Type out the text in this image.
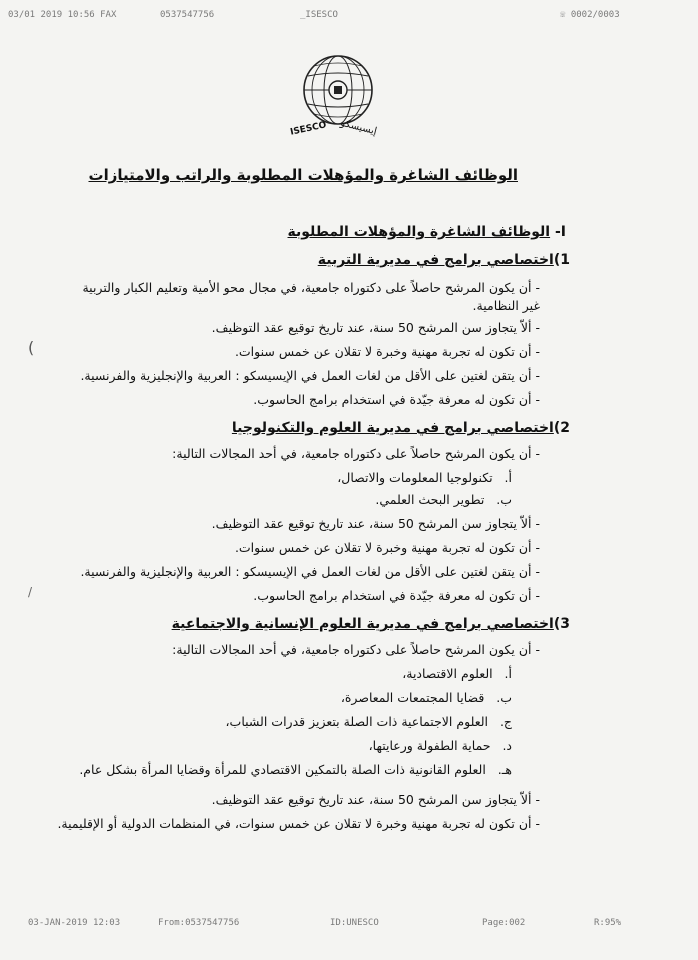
03/01 2019 10:56 FAX	0537547756	_ISESCO	☏ 0002/0003
ISESCO إيسيسكو
الوظائف الشاغرة والمؤهلات المطلوبة والراتب والامتيازات
I- الوظائف الشاغرة والمؤهلات المطلوبة
1)اختصاصي برامج في مديرية التربية
- أن يكون المرشح حاصلاً على دكتوراه جامعية، في مجال محو الأمية وتعليم الكبار والتربية
غير النظامية.
- ألاّ يتجاوز سن المرشح 50 سنة، عند تاريخ توقيع عقد التوظيف.
- أن تكون له تجربة مهنية وخبرة لا تقلان عن خمس سنوات.
- أن يتقن لغتين على الأقل من لغات العمل في الإيسيسكو : العربية والإنجليزية والفرنسية.
- أن تكون له معرفة جيّدة في استخدام برامج الحاسوب.
(
2)اختصاصي برامج في مديرية العلوم والتكنولوجيا
- أن يكون المرشح حاصلاً على دكتوراه جامعية، في أحد المجالات التالية:
أ.   تكنولوجيا المعلومات والاتصال،
ب.   تطوير البحث العلمي.
- ألاّ يتجاوز سن المرشح 50 سنة، عند تاريخ توقيع عقد التوظيف.
- أن تكون له تجربة مهنية وخبرة لا تقلان عن خمس سنوات.
- أن يتقن لغتين على الأقل من لغات العمل في الإيسيسكو : العربية والإنجليزية والفرنسية.
- أن تكون له معرفة جيّدة في استخدام برامج الحاسوب.
/
3)اختصاصي برامج في مديرية العلوم الإنسانية والاجتماعية
- أن يكون المرشح حاصلاً على دكتوراه جامعية، في أحد المجالات التالية:
أ.   العلوم الاقتصادية،
ب.   قضايا المجتمعات المعاصرة،
ج.   العلوم الاجتماعية ذات الصلة بتعزيز قدرات الشباب،
د.   حماية الطفولة ورعايتها،
هـ.   العلوم القانونية ذات الصلة بالتمكين الاقتصادي للمرأة وقضايا المرأة بشكل عام.
- ألاّ يتجاوز سن المرشح 50 سنة، عند تاريخ توقيع عقد التوظيف.
- أن تكون له تجربة مهنية وخبرة لا تقلان عن خمس سنوات، في المنظمات الدولية أو الإقليمية.
03-JAN-2019 12:03	From:0537547756	ID:UNESCO	Page:002	R:95%
